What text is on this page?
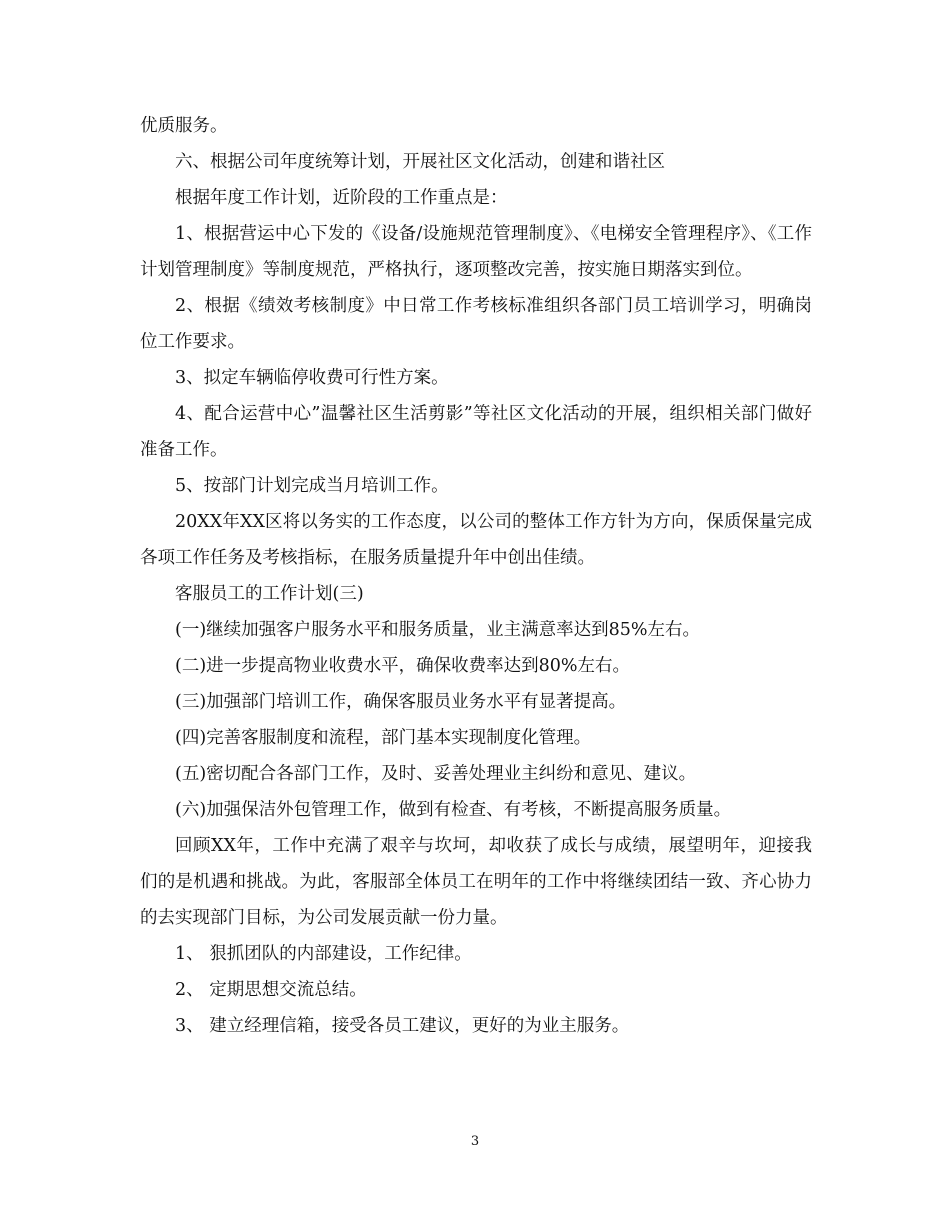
优质服务。

六、根据公司年度统筹计划，开展社区文化活动，创建和谐社区

根据年度工作计划，近阶段的工作重点是：

1、根据营运中心下发的《设备/设施规范管理制度》、《电梯安全管理程序》、《工作计划管理制度》等制度规范，严格执行，逐项整改完善，按实施日期落实到位。

2、根据《绩效考核制度》中日常工作考核标准组织各部门员工培训学习，明确岗位工作要求。

3、拟定车辆临停收费可行性方案。

4、配合运营中心”温馨社区生活剪影”等社区文化活动的开展，组织相关部门做好准备工作。

5、按部门计划完成当月培训工作。

20XX年XX区将以务实的工作态度，以公司的整体工作方针为方向，保质保量完成各项工作任务及考核指标，在服务质量提升年中创出佳绩。

客服员工的工作计划(三)

(一)继续加强客户服务水平和服务质量，业主满意率达到85%左右。

(二)进一步提高物业收费水平，确保收费率达到80%左右。

(三)加强部门培训工作，确保客服员业务水平有显著提高。

(四)完善客服制度和流程，部门基本实现制度化管理。

(五)密切配合各部门工作，及时、妥善处理业主纠纷和意见、建议。

(六)加强保洁外包管理工作，做到有检查、有考核，不断提高服务质量。

回顾XX年，工作中充满了艰辛与坎坷，却收获了成长与成绩，展望明年，迎接我们的是机遇和挑战。为此，客服部全体员工在明年的工作中将继续团结一致、齐心协力的去实现部门目标，为公司发展贡献一份力量。

1、 狠抓团队的内部建设，工作纪律。

2、 定期思想交流总结。

3、 建立经理信箱，接受各员工建议，更好的为业主服务。

3
